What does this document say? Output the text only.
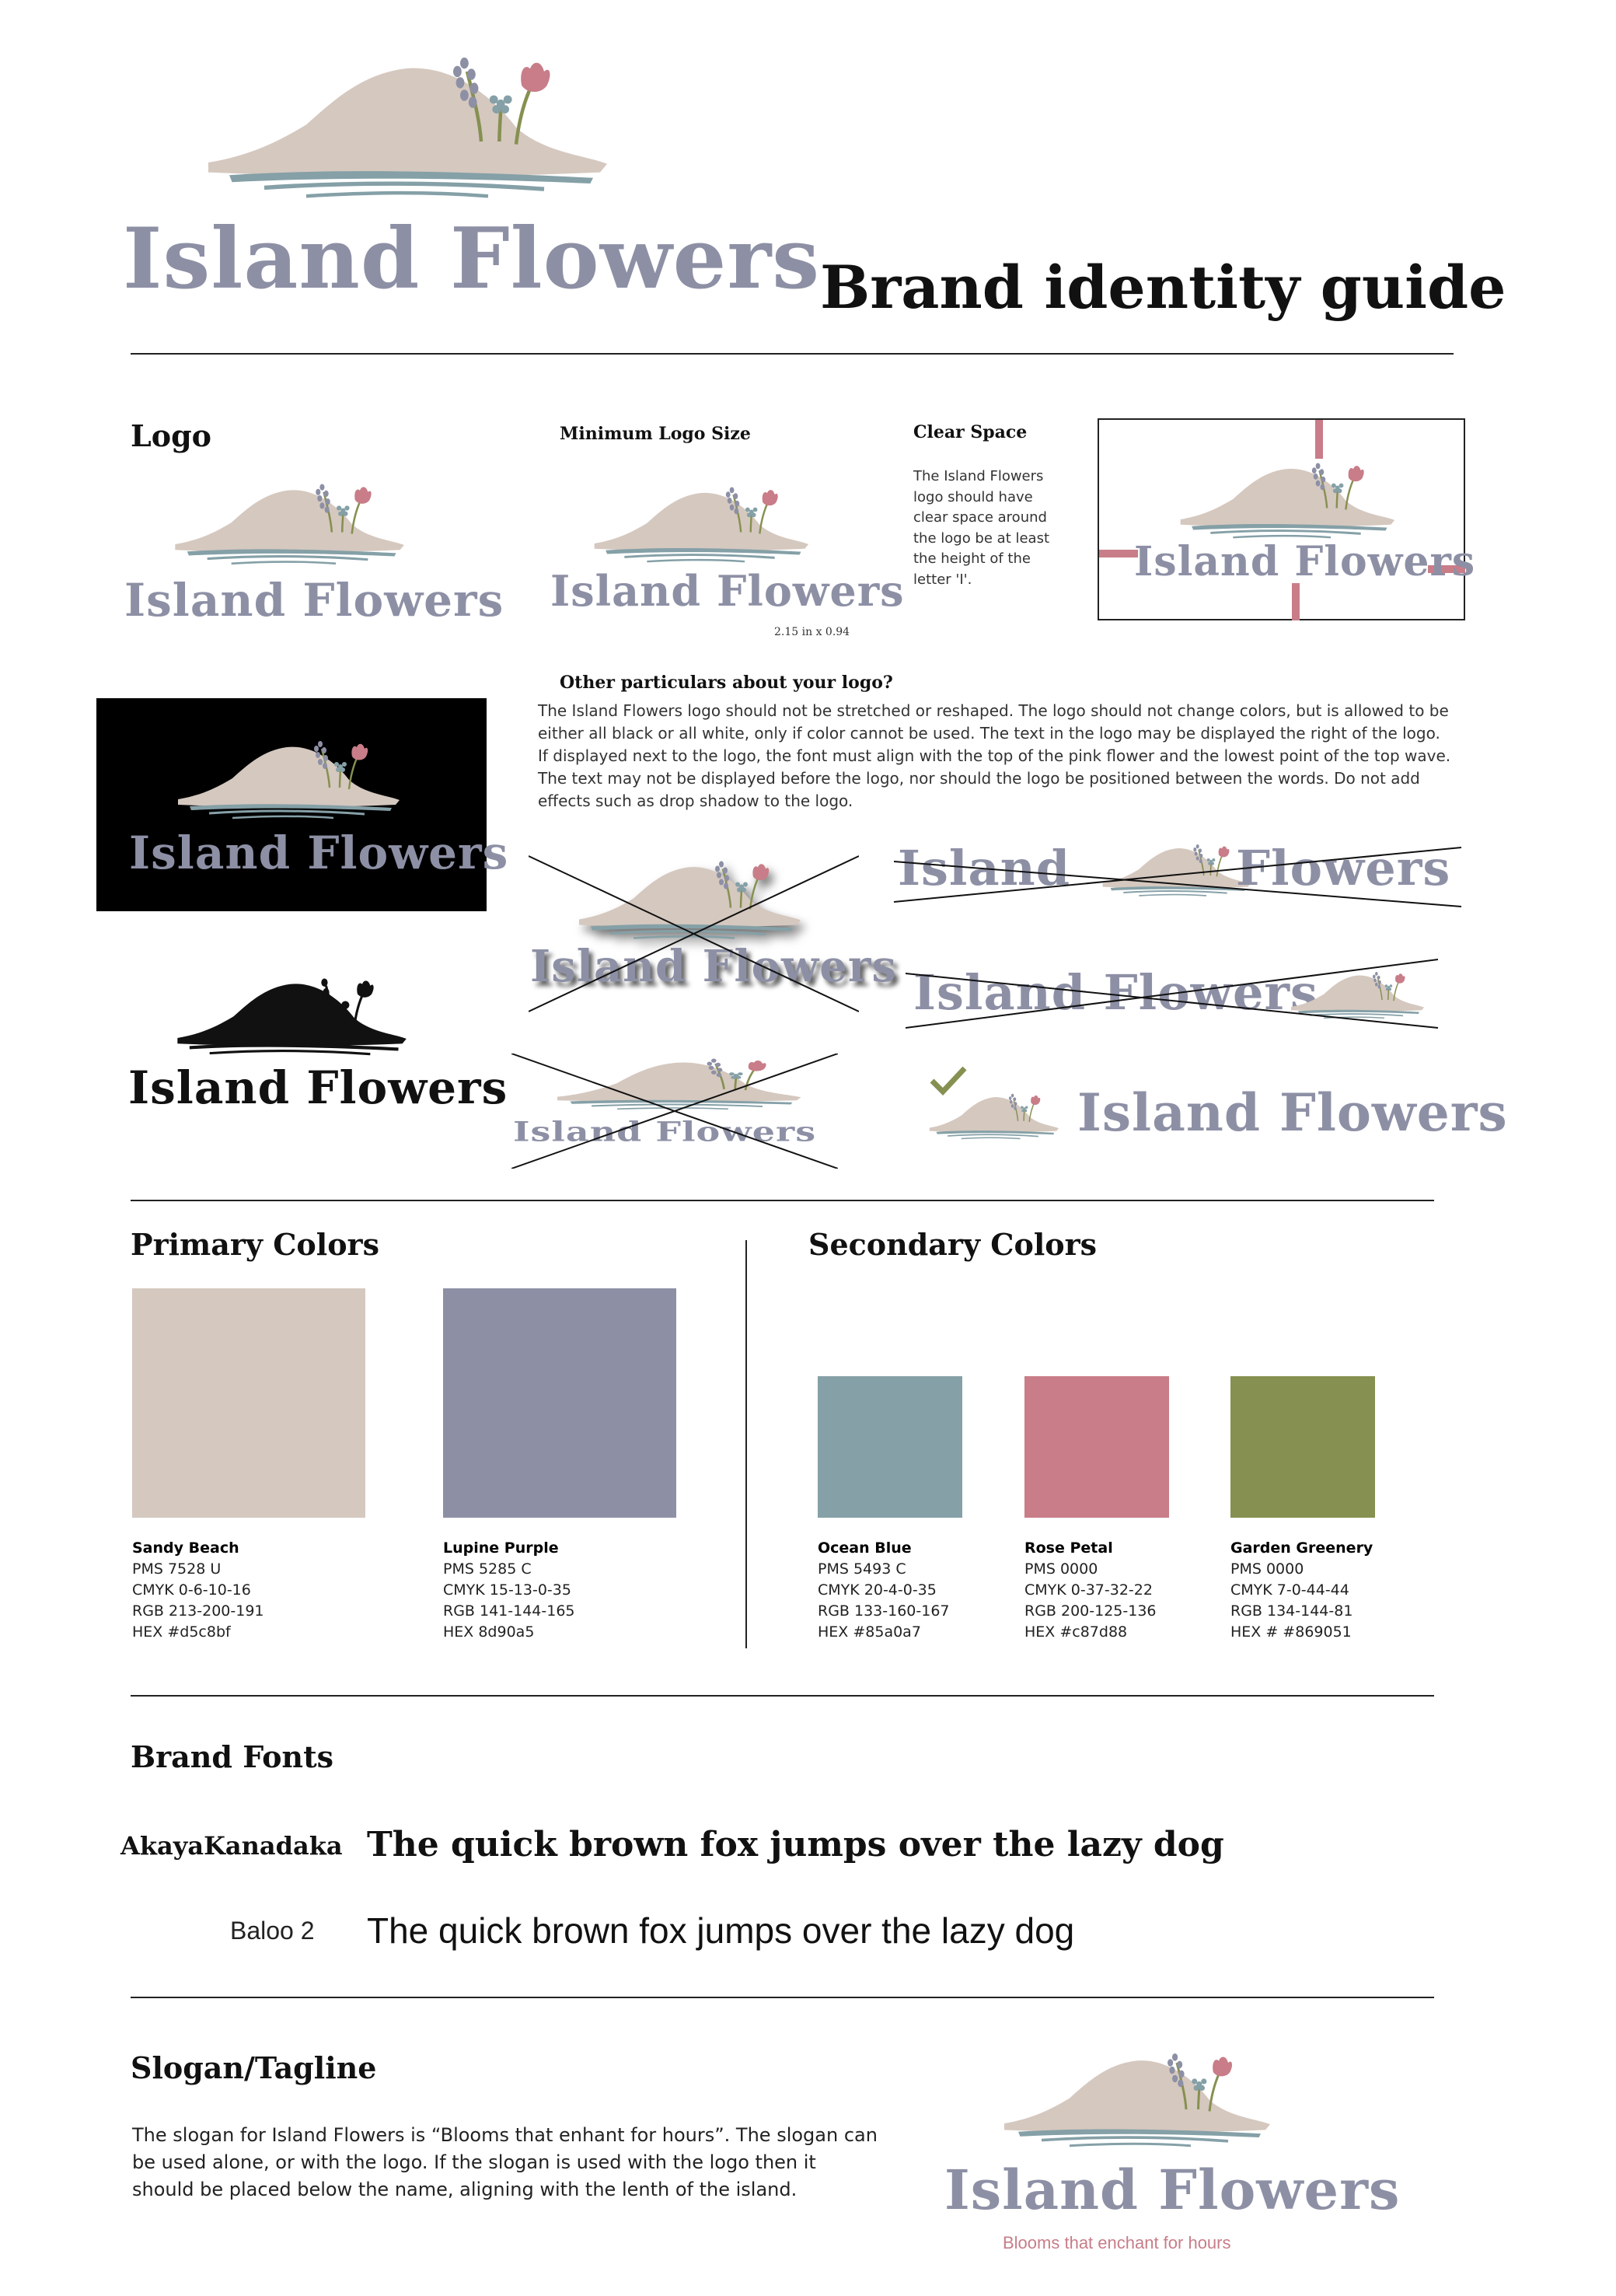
Island Flowers Brand identity guide
Logo
Island Flowers
Minimum Logo Size
Island Flowers
2.15 in x 0.94
Clear Space
The Island Flowers logo should have clear space around the logo be at least the height of the letter 'I'.	Island Flowers
Island Flowers
Island Flowers
Other particulars about your logo?
The Island Flowers logo should not be stretched or reshaped. The logo should not change colors, but is allowed to be either all black or all white, only if color cannot be used. The text in the logo may be displayed the right of the logo. If displayed next to the logo, the font must align with the top of the pink flower and the lowest point of the top wave. The text may not be displayed before the logo, nor should the logo be positioned between the words. Do not add effects such as drop shadow to the logo.
Island Flowers
Island Flowers
Island	Flowers
Island Flowers
Island Flowers
Primary Colors	Secondary Colors
Sandy Beach
PMS 7528 U
CMYK 0-6-10-16
RGB 213-200-191
HEX #d5c8bf
Lupine Purple
PMS 5285 C
CMYK 15-13-0-35
RGB 141-144-165
HEX 8d90a5
Ocean Blue
PMS 5493 C
CMYK 20-4-0-35
RGB 133-160-167
HEX #85a0a7
Rose Petal
PMS 0000
CMYK 0-37-32-22
RGB 200-125-136
HEX #c87d88
Garden Greenery
PMS 0000
CMYK 7-0-44-44
RGB 134-144-81
HEX # #869051
Brand Fonts
AkayaKanadaka The quick brown fox jumps over the lazy dog
Baloo 2 The quick brown fox jumps over the lazy dog
Slogan/Tagline
The slogan for Island Flowers is “Blooms that enhant for hours”. The slogan can be used alone, or with the logo. If the slogan is used with the logo then it should be placed below the name, aligning with the lenth of the island.	Island Flowers
Blooms that enchant for hours
